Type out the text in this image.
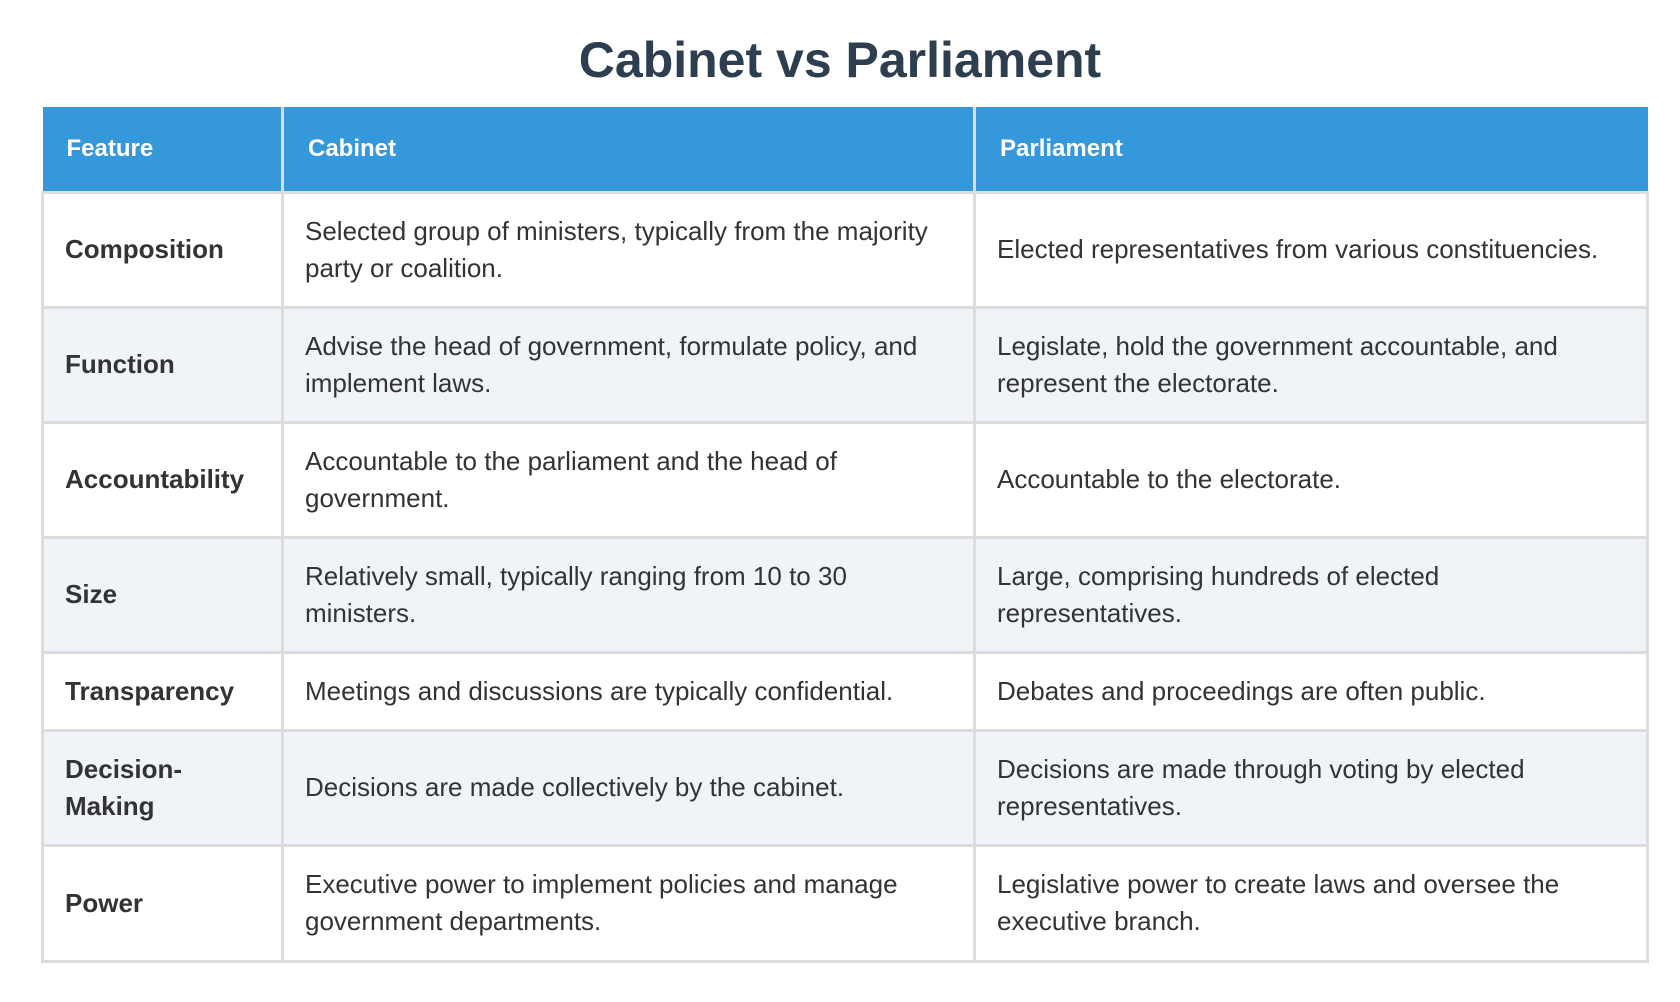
Cabinet vs Parliament
Feature	Cabinet	Parliament
Composition	Selected group of ministers, typically from the majority party or coalition.	Elected representatives from various constituencies.
Function	Advise the head of government, formulate policy, and implement laws.	Legislate, hold the government accountable, and represent the electorate.
Accountability	Accountable to the parliament and the head of government.	Accountable to the electorate.
Size	Relatively small, typically ranging from 10 to 30 ministers.	Large, comprising hundreds of elected representatives.
Transparency	Meetings and discussions are typically confidential.	Debates and proceedings are often public.
Decision-Making	Decisions are made collectively by the cabinet.	Decisions are made through voting by elected representatives.
Power	Executive power to implement policies and manage government departments.	Legislative power to create laws and oversee the executive branch.
